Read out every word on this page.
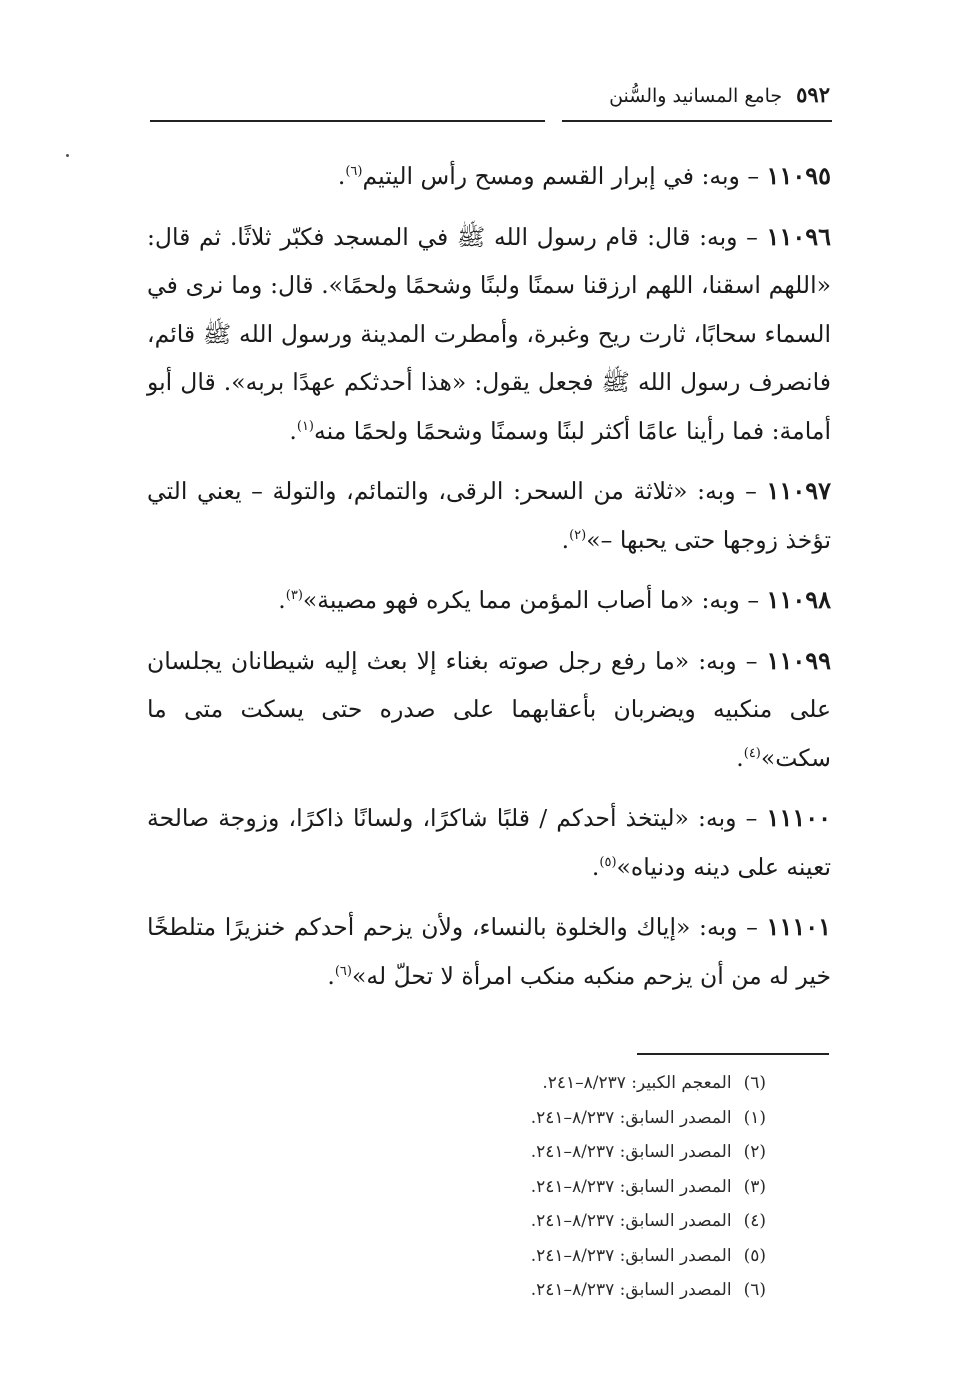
٥٩٢جامع المسانيد والسُّنن

١١٠٩٥ – وبه: في إبرار القسم ومسح رأس اليتيم$^{(٦)}$.

١١٠٩٦ – وبه: قال: قام رسول الله ﷺ في المسجد فكبّر ثلاثًا. ثم قال: «اللهم اسقنا، اللهم ارزقنا سمنًا ولبنًا وشحمًا ولحمًا». قال: وما نرى في السماء سحابًا، ثارت ريح وغبرة، وأمطرت المدينة ورسول الله ﷺ قائم، فانصرف رسول الله ﷺ فجعل يقول: «هذا أحدثكم عهدًا بربه». قال أبو أمامة: فما رأينا عامًا أكثر لبنًا وسمنًا وشحمًا ولحمًا منه$^{(١)}$.

١١٠٩٧ – وبه: «ثلاثة من السحر: الرقى، والتمائم، والتولة – يعني التي تؤخذ زوجها حتى يحبها –»$^{(٢)}$.

١١٠٩٨ – وبه: «ما أصاب المؤمن مما يكره فهو مصيبة»$^{(٣)}$.

١١٠٩٩ – وبه: «ما رفع رجل صوته بغناء إلا بعث إليه شيطانان يجلسان على منكبيه ويضربان بأعقابهما على صدره حتى يسكت متى ما سكت»$^{(٤)}$.

١١١٠٠ – وبه: «ليتخذ أحدكم / قلبًا شاكرًا، ولسانًا ذاكرًا، وزوجة صالحة تعينه على دينه ودنياه»$^{(٥)}$.

١١١٠١ – وبه: «إياك والخلوة بالنساء، ولأن يزحم أحدكم خنزيرًا متلطخًا خير له من أن يزحم منكبه منكب امرأة لا تحلّ له»$^{(٦)}$.

(٦)المعجم الكبير: ٨/٢٣٧–٢٤١.
(١)المصدر السابق: ٨/٢٣٧–٢٤١.
(٢)المصدر السابق: ٨/٢٣٧–٢٤١.
(٣)المصدر السابق: ٨/٢٣٧–٢٤١.
(٤)المصدر السابق: ٨/٢٣٧–٢٤١.
(٥)المصدر السابق: ٨/٢٣٧–٢٤١.
(٦)المصدر السابق: ٨/٢٣٧–٢٤١.
